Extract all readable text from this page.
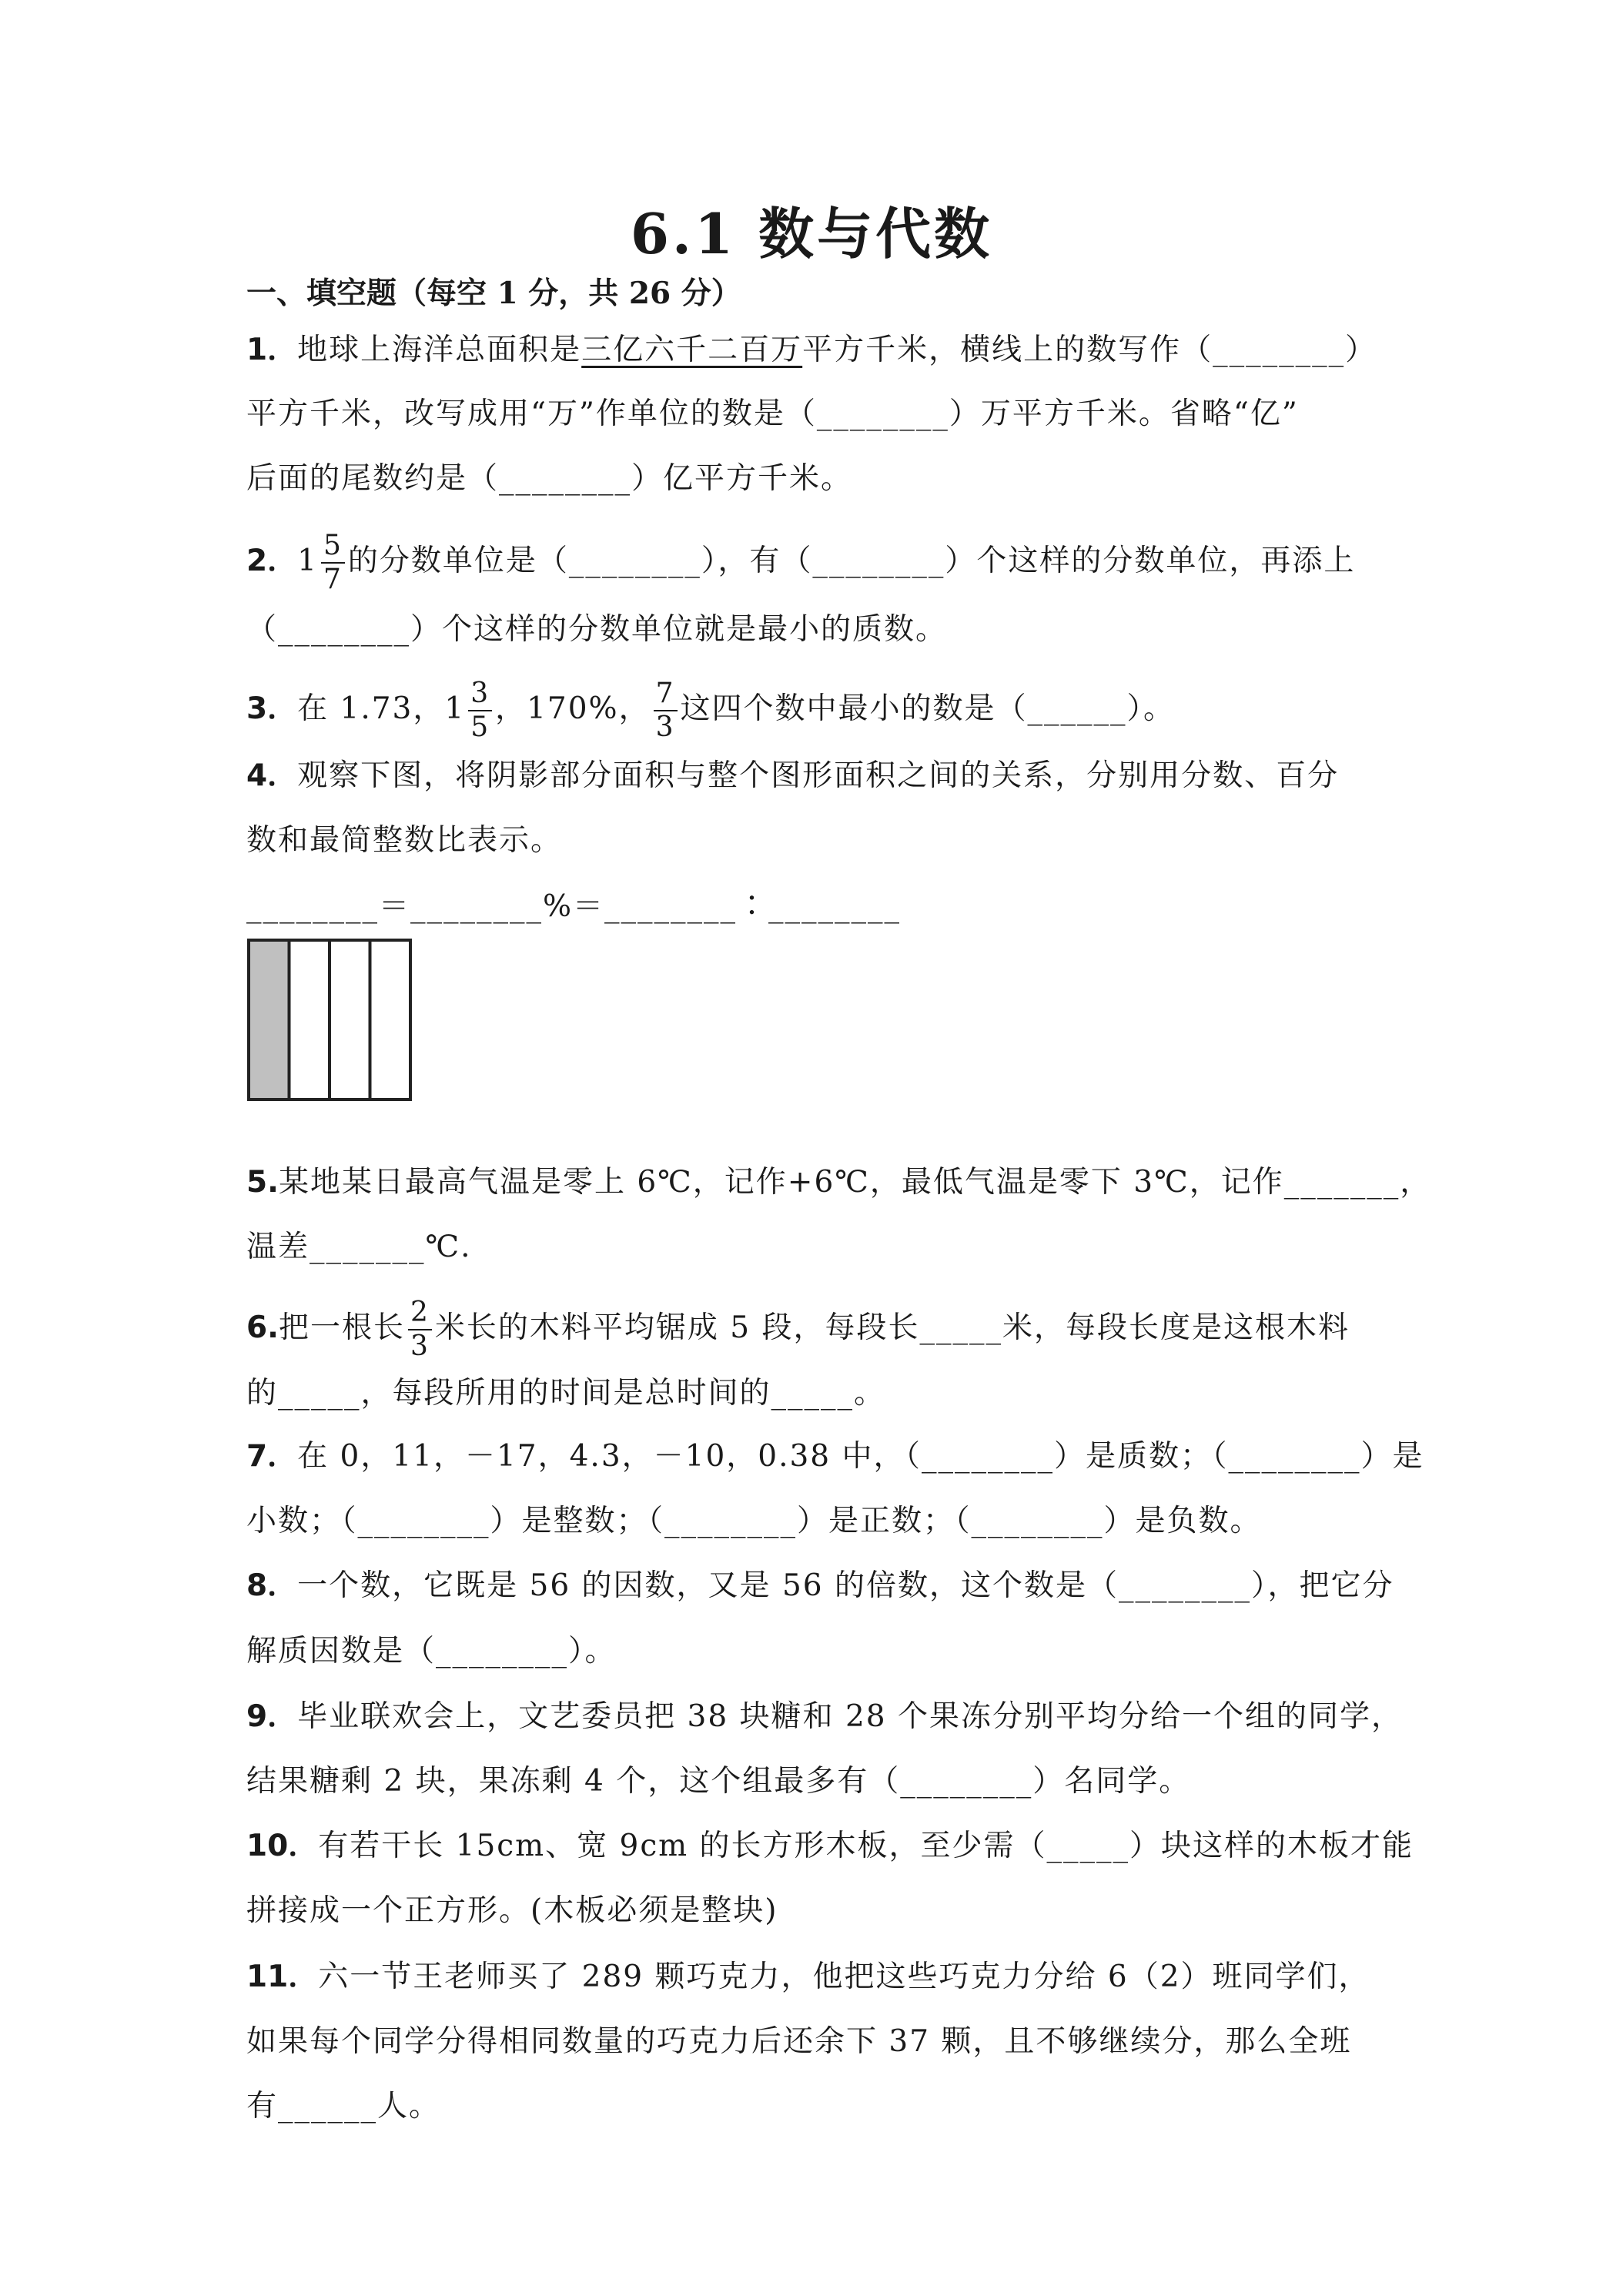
6.1 数与代数
一、填空题（每空 1 分，共 26 分）
1．地球上海洋总面积是三亿六千二百万平方千米，横线上的数写作（________）
平方千米，改写成用“万”作单位的数是（________）万平方千米。省略“亿”
后面的尾数约是（________）亿平方千米。
2．$1 \frac{5}{7}$ 的分数单位是（________），有（________）个这样的分数单位，再添上
（________）个这样的分数单位就是最小的质数。
3．在 1.73，$1 \frac{3}{5}$ ，170%， $\frac{7}{3}$ 这四个数中最小的数是（______）。
4．观察下图，将阴影部分面积与整个图形面积之间的关系，分别用分数、百分
数和最简整数比表示。
________＝________%＝________∶________
5.某地某日最高气温是零上 6℃，记作+6℃，最低气温是零下 3℃，记作_______，
温差_______℃.
6.把一根长 $\frac{2}{3}$ 米长的木料平均锯成 5 段，每段长_____米，每段长度是这根木料
的_____，每段所用的时间是总时间的_____。
7．在 0，11，－17，4.3，－10，0.38 中，（________）是质数；（________）是
小数；（________）是整数；（________）是正数；（________）是负数。
8．一个数，它既是 56 的因数，又是 56 的倍数，这个数是（________），把它分
解质因数是（________）。
9．毕业联欢会上，文艺委员把 38 块糖和 28 个果冻分别平均分给一个组的同学，
结果糖剩 2 块，果冻剩 4 个，这个组最多有（________）名同学。
10．有若干长 15cm、宽 9cm 的长方形木板，至少需（_____）块这样的木板才能
拼接成一个正方形。(木板必须是整块)
11．六一节王老师买了 289 颗巧克力，他把这些巧克力分给 6（2）班同学们，
如果每个同学分得相同数量的巧克力后还余下 37 颗，且不够继续分，那么全班
有______人。
